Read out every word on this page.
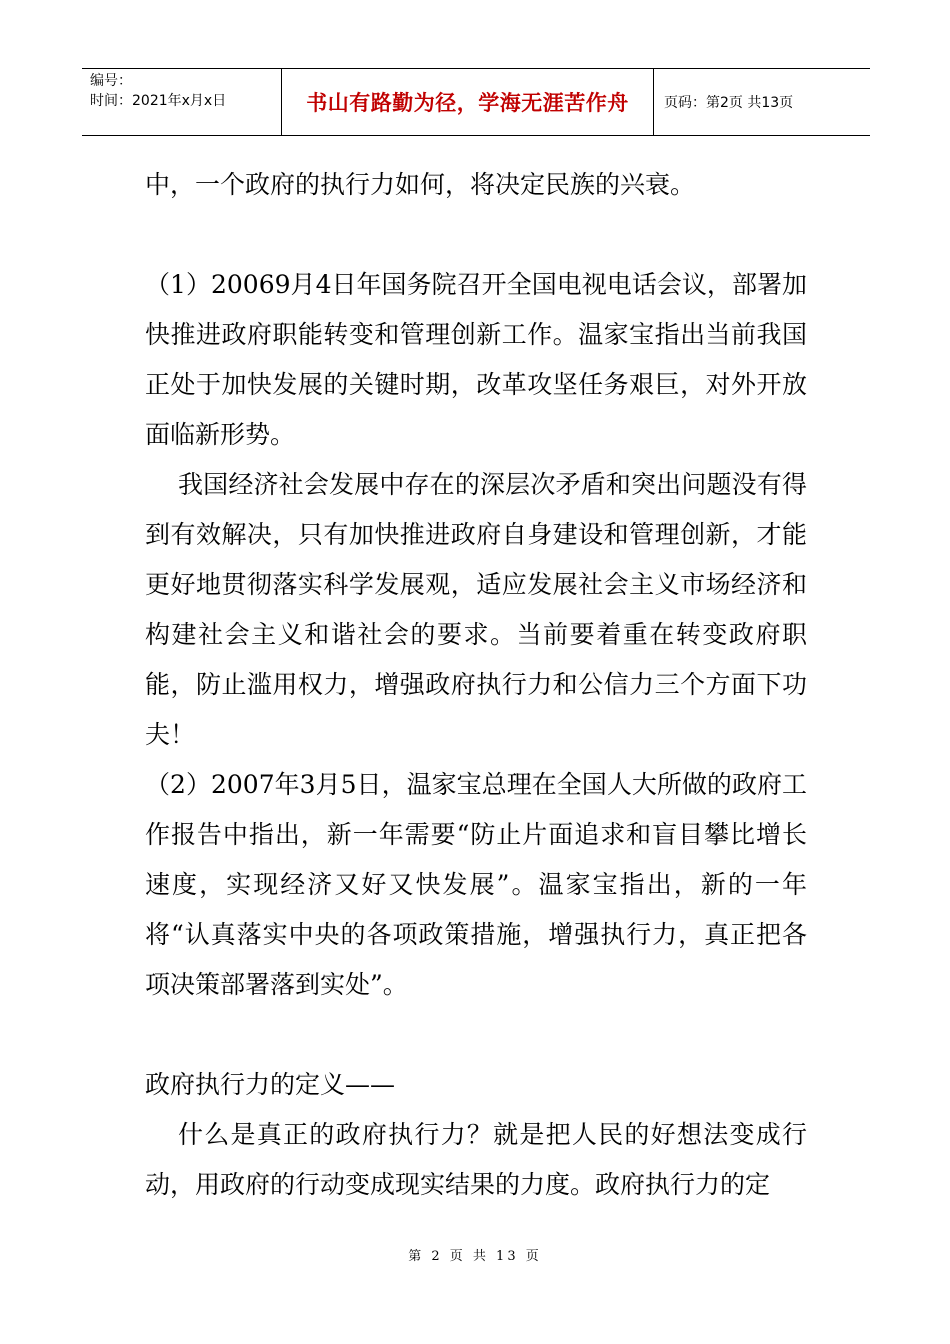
编号：
时间：2021年x月x日	书山有路勤为径，学海无涯苦作舟	页码：第2页 共13页

中，一个政府的执行力如何，将决定民族的兴衰。

（1）20069月4日年国务院召开全国电视电话会议，部署加快推进政府职能转变和管理创新工作。温家宝指出当前我国正处于加快发展的关键时期，改革攻坚任务艰巨，对外开放面临新形势。

我国经济社会发展中存在的深层次矛盾和突出问题没有得到有效解决，只有加快推进政府自身建设和管理创新，才能更好地贯彻落实科学发展观，适应发展社会主义市场经济和构建社会主义和谐社会的要求。当前要着重在转变政府职能，防止滥用权力，增强政府执行力和公信力三个方面下功夫！

（2）2007年3月5日，温家宝总理在全国人大所做的政府工作报告中指出，新一年需要“防止片面追求和盲目攀比增长速度，实现经济又好又快发展”。温家宝指出，新的一年将“认真落实中央的各项政策措施，增强执行力，真正把各项决策部署落到实处”。

政府执行力的定义——

什么是真正的政府执行力？就是把人民的好想法变成行动，用政府的行动变成现实结果的力度。政府执行力的定

第 2 页 共 13 页
